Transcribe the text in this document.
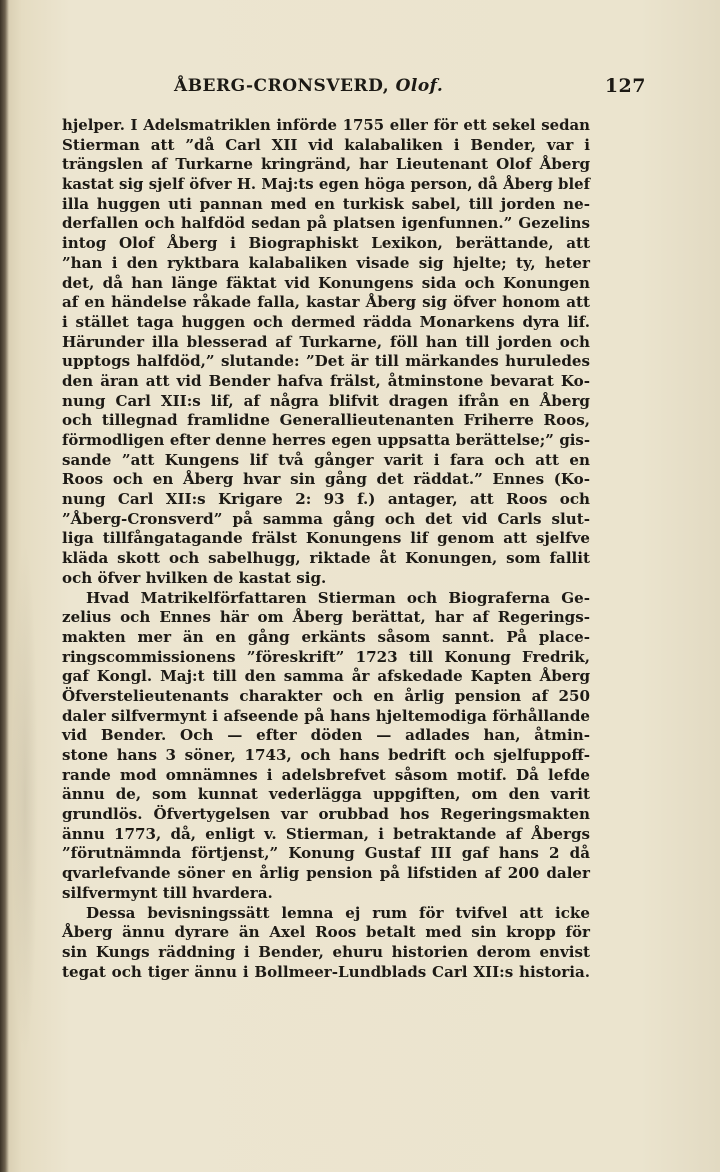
ÅBERG-CRONSVERD, Olof.	127
hjelper. I Adelsmatriklen införde 1755 eller för ett sekel sedan
Stierman att ”då Carl XII vid kalabaliken i Bender, var i
trängslen af Turkarne kringränd, har Lieutenant Olof Åberg
kastat sig sjelf öfver H. Maj:ts egen höga person, då Åberg blef
illa huggen uti pannan med en turkisk sabel, till jorden ne-
derfallen och halfdöd sedan på platsen igenfunnen.” Gezelins
intog Olof Åberg i Biographiskt Lexikon, berättande, att
”han i den ryktbara kalabaliken visade sig hjelte; ty, heter
det, då han länge fäktat vid Konungens sida och Konungen
af en händelse råkade falla, kastar Åberg sig öfver honom att
i stället taga huggen och dermed rädda Monarkens dyra lif.
Härunder illa blesserad af Turkarne, föll han till jorden och
upptogs halfdöd,” slutande: ”Det är till märkandes huruledes
den äran att vid Bender hafva frälst, åtminstone bevarat Ko-
nung Carl XII:s lif, af några blifvit dragen ifrån en Åberg
och tillegnad framlidne Generallieutenanten Friherre Roos,
förmodligen efter denne herres egen uppsatta berättelse;” gis-
sande ”att Kungens lif två gånger varit i fara och att en
Roos och en Åberg hvar sin gång det räddat.” Ennes (Ko-
nung Carl XII:s Krigare 2: 93 f.) antager, att Roos och
”Åberg-Cronsverd” på samma gång och det vid Carls slut-
liga tillfångatagande frälst Konungens lif genom att sjelfve
kläda skott och sabelhugg, riktade åt Konungen, som fallit
och öfver hvilken de kastat sig.
Hvad Matrikelförfattaren Stierman och Biograferna Ge-
zelius och Ennes här om Åberg berättat, har af Regerings-
makten mer än en gång erkänts såsom sannt. På place-
ringscommissionens ”föreskrift” 1723 till Konung Fredrik,
gaf Kongl. Maj:t till den samma år afskedade Kapten Åberg
Öfverstelieutenants charakter och en årlig pension af 250
daler silfvermynt i afseende på hans hjeltemodiga förhållande
vid Bender. Och — efter döden — adlades han, åtmin-
stone hans 3 söner, 1743, och hans bedrift och sjelfuppoff-
rande mod omnämnes i adelsbrefvet såsom motif. Då lefde
ännu de, som kunnat vederlägga uppgiften, om den varit
grundlös. Öfvertygelsen var orubbad hos Regeringsmakten
ännu 1773, då, enligt v. Stierman, i betraktande af Åbergs
”förutnämnda förtjenst,” Konung Gustaf III gaf hans 2 då
qvarlefvande söner en årlig pension på lifstiden af 200 daler
silfvermynt till hvardera.
Dessa bevisningssätt lemna ej rum för tvifvel att icke
Åberg ännu dyrare än Axel Roos betalt med sin kropp för
sin Kungs räddning i Bender, ehuru historien derom envist
tegat och tiger ännu i Bollmeer-Lundblads Carl XII:s historia.
